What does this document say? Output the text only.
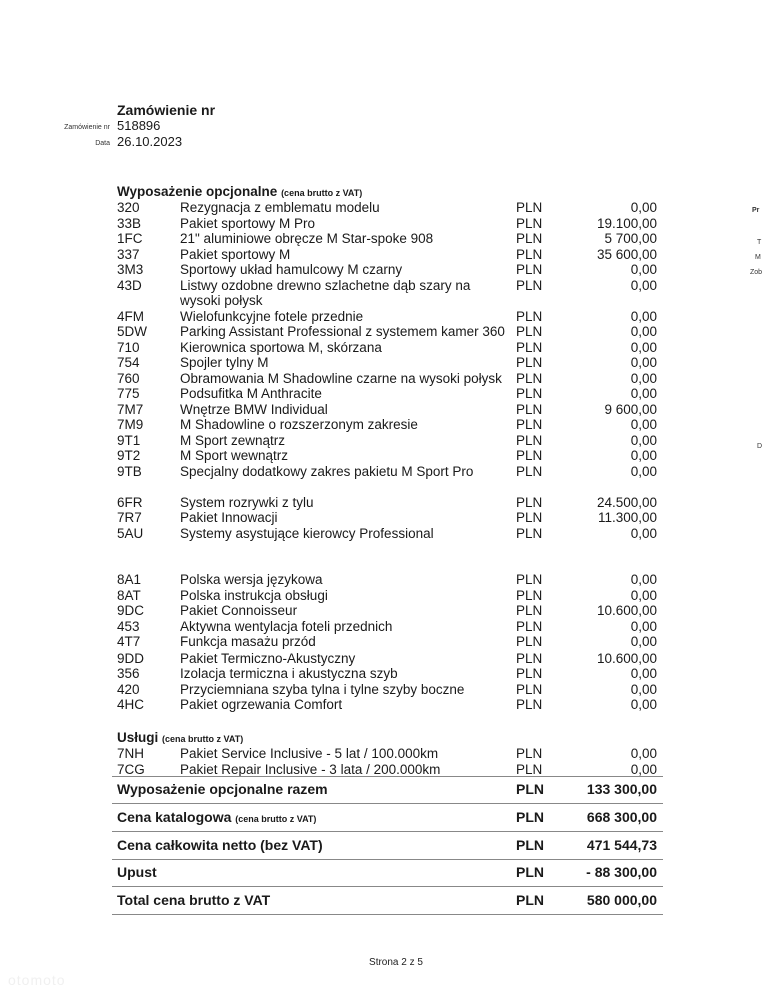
Zamówienie nr
Zamówienie nr 518896
Data 26.10.2023
Wyposażenie opcjonalne (cena brutto z VAT)
320	Rezygnacja z emblematu modelu	PLN	0,00
33B	Pakiet sportowy M Pro	PLN	19.100,00
1FC	21" aluminiowe obręcze M Star-spoke 908	PLN	5 700,00
337	Pakiet sportowy M	PLN	35 600,00
3M3	Sportowy układ hamulcowy M czarny	PLN	0,00
43D	Listwy ozdobne drewno szlachetne dąb szary na wysoki połysk
PLN	0,00
4FM	Wielofunkcyjne fotele przednie	PLN	0,00
5DW Parking Assistant Professional z systemem kamer 360 PLN	0,00
710	Kierownica sportowa M, skórzana	PLN	0,00
754	Spojler tylny M	PLN	0,00
760	Obramowania M Shadowline czarne na wysoki połysk	PLN	0,00
775	Podsufitka M Anthracite	PLN	0,00
7M7	Wnętrze BMW Individual	PLN	9 600,00
7M9	M Shadowline o rozszerzonym zakresie	PLN	0,00
9T1	M Sport zewnątrz	PLN	0,00
9T2	M Sport wewnątrz	PLN	0,00
9TB	Specjalny dodatkowy zakres pakietu M Sport Pro	PLN	0,00
6FR	System rozrywki z tylu	PLN	24.500,00
7R7	Pakiet Innowacji	PLN	11.300,00
5AU	Systemy asystujące kierowcy Professional	PLN	0,00
8A1	Polska wersja językowa	PLN	0,00
8AT	Polska instrukcja obsługi	PLN	0,00
9DC	Pakiet Connoisseur	PLN	10.600,00
453	Aktywna wentylacja foteli przednich	PLN	0,00
4T7	Funkcja masażu przód	PLN	0,00
9DD	Pakiet Termiczno-Akustyczny	PLN	10.600,00
356	Izolacja termiczna i akustyczna szyb	PLN	0,00
420	Przyciemniana szyba tylna i tylne szyby boczne	PLN	0,00
4HC	Pakiet ogrzewania Comfort	PLN	0,00
Usługi (cena brutto z VAT)
7NH	Pakiet Service Inclusive - 5 lat / 100.000km	PLN	0,00
7CG	Pakiet Repair Inclusive - 3 lata / 200.000km	PLN	0,00
Wyposażenie opcjonalne razem	PLN	133 300,00
Cena katalogowa (cena brutto z VAT)	PLN	668 300,00
Cena całkowita netto (bez VAT)	PLN	471 544,73
Upust	PLN	- 88 300,00
Total cena brutto z VAT	PLN	580 000,00
Pr
T
M
Zob
D
Strona 2 z 5
otomoto
